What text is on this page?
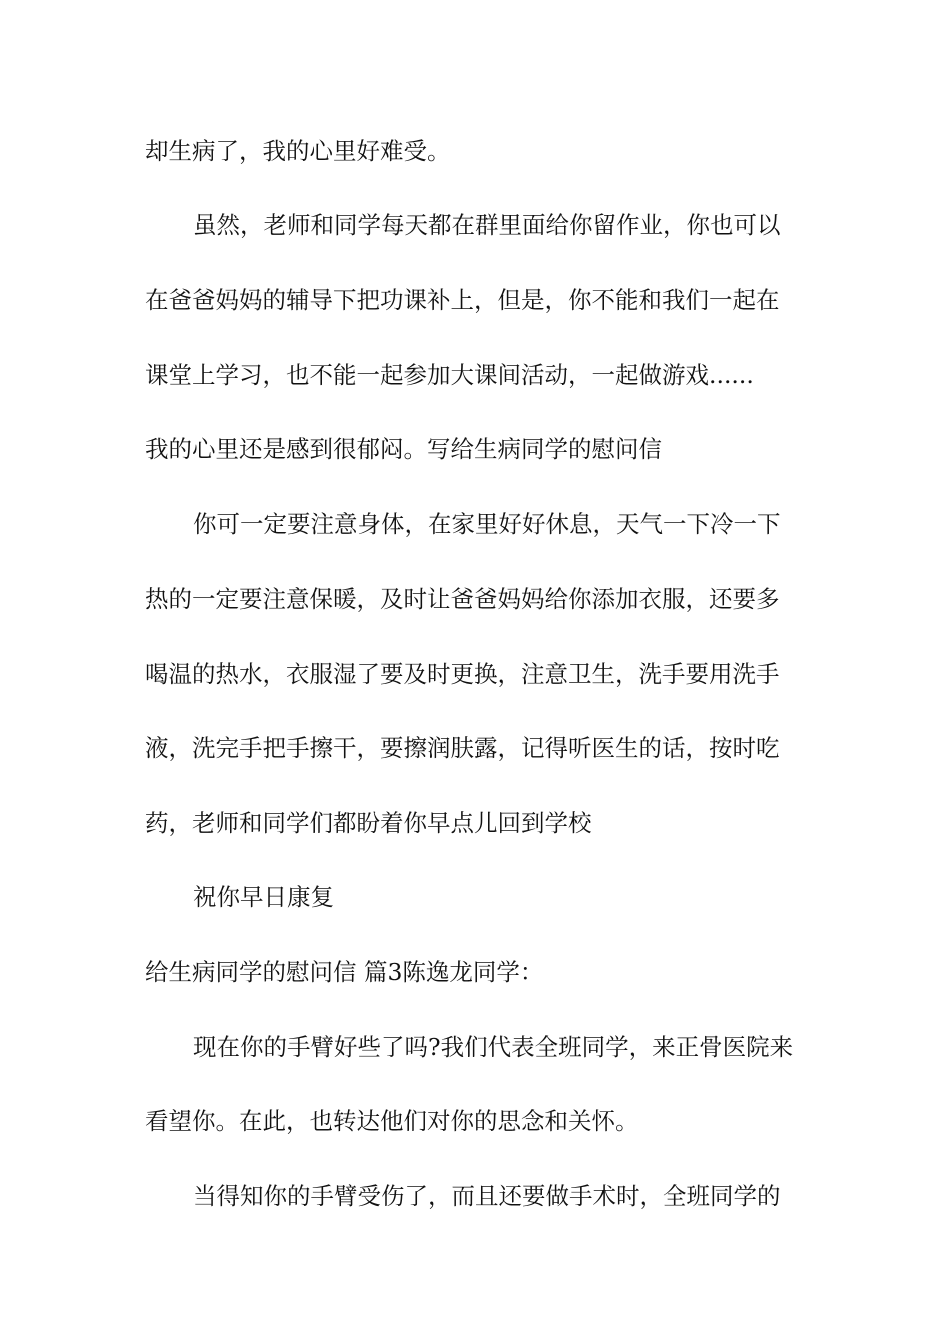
却生病了，我的心里好难受。
虽然，老师和同学每天都在群里面给你留作业，你也可以
在爸爸妈妈的辅导下把功课补上，但是，你不能和我们一起在
课堂上学习，也不能一起参加大课间活动，一起做游戏......
我的心里还是感到很郁闷。写给生病同学的慰问信
你可一定要注意身体，在家里好好休息，天气一下冷一下
热的一定要注意保暖，及时让爸爸妈妈给你添加衣服，还要多
喝温的热水，衣服湿了要及时更换，注意卫生，洗手要用洗手
液，洗完手把手擦干，要擦润肤露，记得听医生的话，按时吃
药，老师和同学们都盼着你早点儿回到学校
祝你早日康复
给生病同学的慰问信 篇3陈逸龙同学：
现在你的手臂好些了吗?我们代表全班同学，来正骨医院来
看望你。在此，也转达他们对你的思念和关怀。
当得知你的手臂受伤了，而且还要做手术时，全班同学的
